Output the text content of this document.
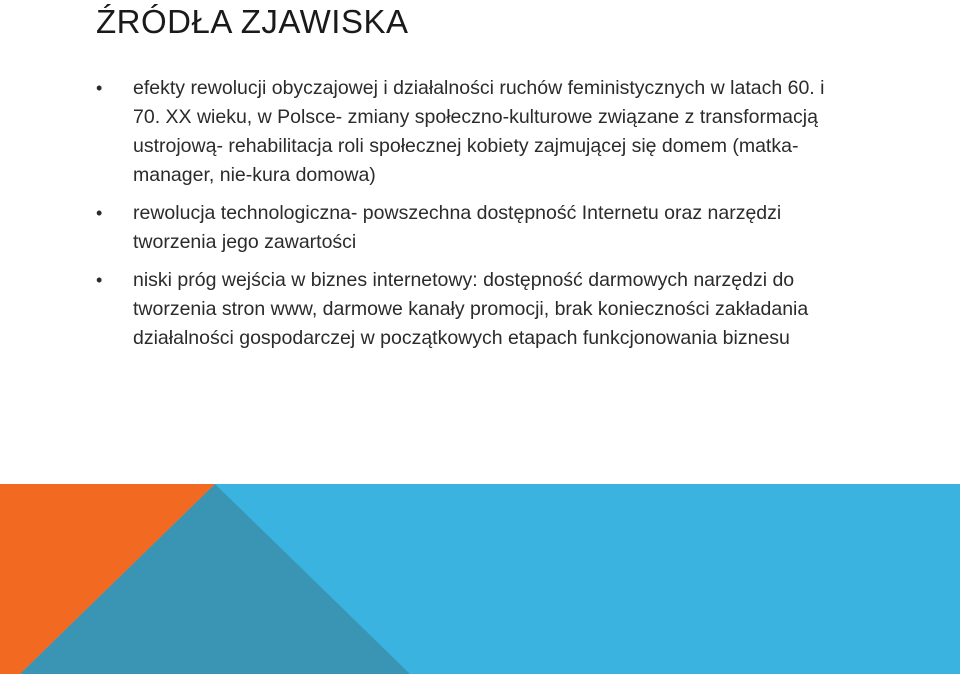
ŹRÓDŁA ZJAWISKA
• efekty rewolucji obyczajowej i działalności ruchów feministycznych w latach 60. i 70. XX wieku, w Polsce- zmiany społeczno-kulturowe związane z transformacją ustrojową- rehabilitacja roli społecznej kobiety zajmującej się domem (matka-manager, nie-kura domowa)
• rewolucja technologiczna- powszechna dostępność Internetu oraz narzędzi tworzenia jego zawartości
• niski próg wejścia w biznes internetowy: dostępność darmowych narzędzi do tworzenia stron www, darmowe kanały promocji, brak konieczności zakładania działalności gospodarczej w początkowych etapach funkcjonowania biznesu
